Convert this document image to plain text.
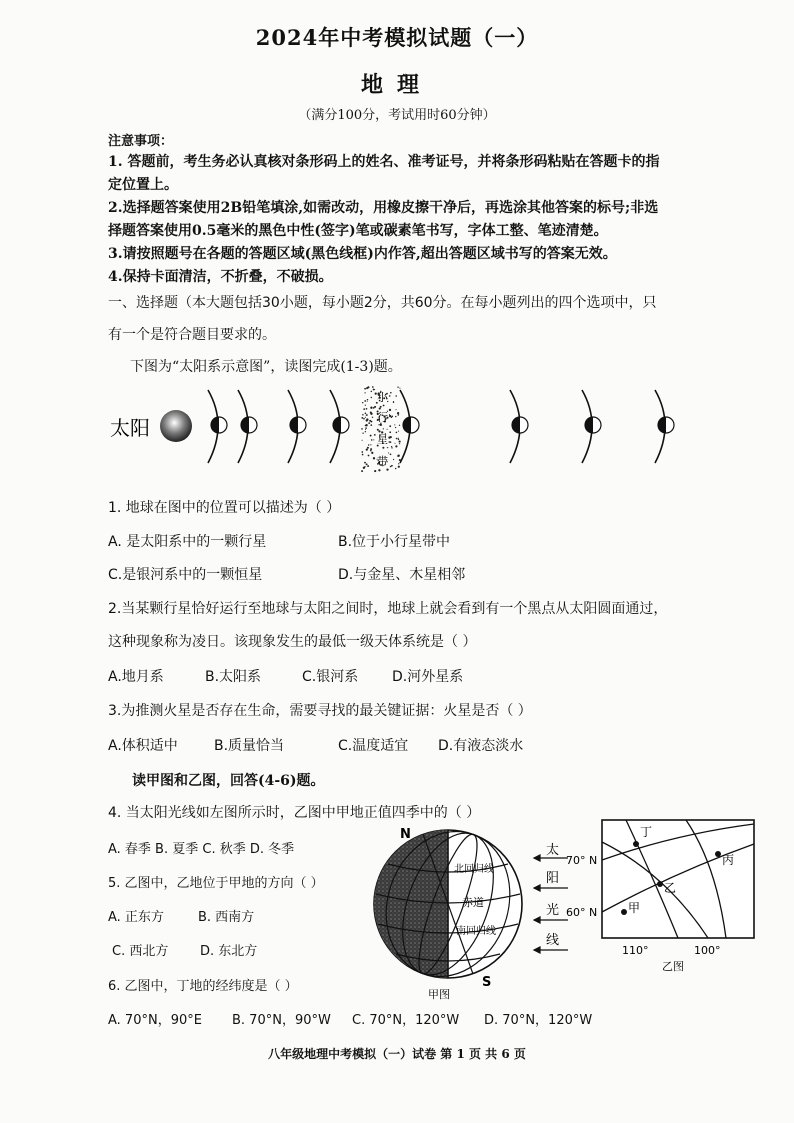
2024年中考模拟试题（一）
地理
（满分100分，考试用时60分钟）
注意事项：
1. 答题前，考生务必认真核对条形码上的姓名、准考证号，并将条形码粘贴在答题卡的指
定位置上。
2.选择题答案使用2B铅笔填涂,如需改动，用橡皮擦干净后，再选涂其他答案的标号;非选
择题答案使用0.5毫米的黑色中性(签字)笔或碳素笔书写，字体工整、笔迹清楚。
3.请按照题号在各题的答题区域(黑色线框)内作答,超出答题区域书写的答案无效。
4.保持卡面清洁，不折叠，不破损。
一、选择题（本大题包括30小题，每小题2分，共60分。在每小题列出的四个选项中，只
有一个是符合题目要求的。
下图为“太阳系示意图”，读图完成(1-3)题。
太阳
小
行
星
带
1. 地球在图中的位置可以描述为（ ）
A. 是太阳系中的一颗行星	B.位于小行星带中
C.是银河系中的一颗恒星	D.与金星、木星相邻
2.当某颗行星恰好运行至地球与太阳之间时，地球上就会看到有一个黑点从太阳圆面通过，
这种现象称为凌日。该现象发生的最低一级天体系统是（ ）
A.地月系	B.太阳系	C.银河系 D.河外星系
3.为推测火星是否存在生命，需要寻找的最关键证据：火星是否（ ）
A.体积适中	B.质量恰当	C.温度适宜 D.有液态淡水
读甲图和乙图，回答(4-6)题。
4. 当太阳光线如左图所示时，乙图中甲地正值四季中的（ ）
A. 春季 B. 夏季 C. 秋季 D. 冬季
5. 乙图中，乙地位于甲地的方向（ ）
A. 正东方	B. 西南方
C. 西北方 D. 东北方
6. 乙图中，丁地的经纬度是（ ）
A. 70°N，90°E B. 70°N，90°W C. 70°N，120°W D. 70°N，120°W
N
S
北回归线
赤道
南回归线
甲图
太
阳
光
线
丁
丙
乙
甲
70° N
60° N
110°	100°
乙图
八年级地理中考模拟（一）试卷 第 1 页 共 6 页
